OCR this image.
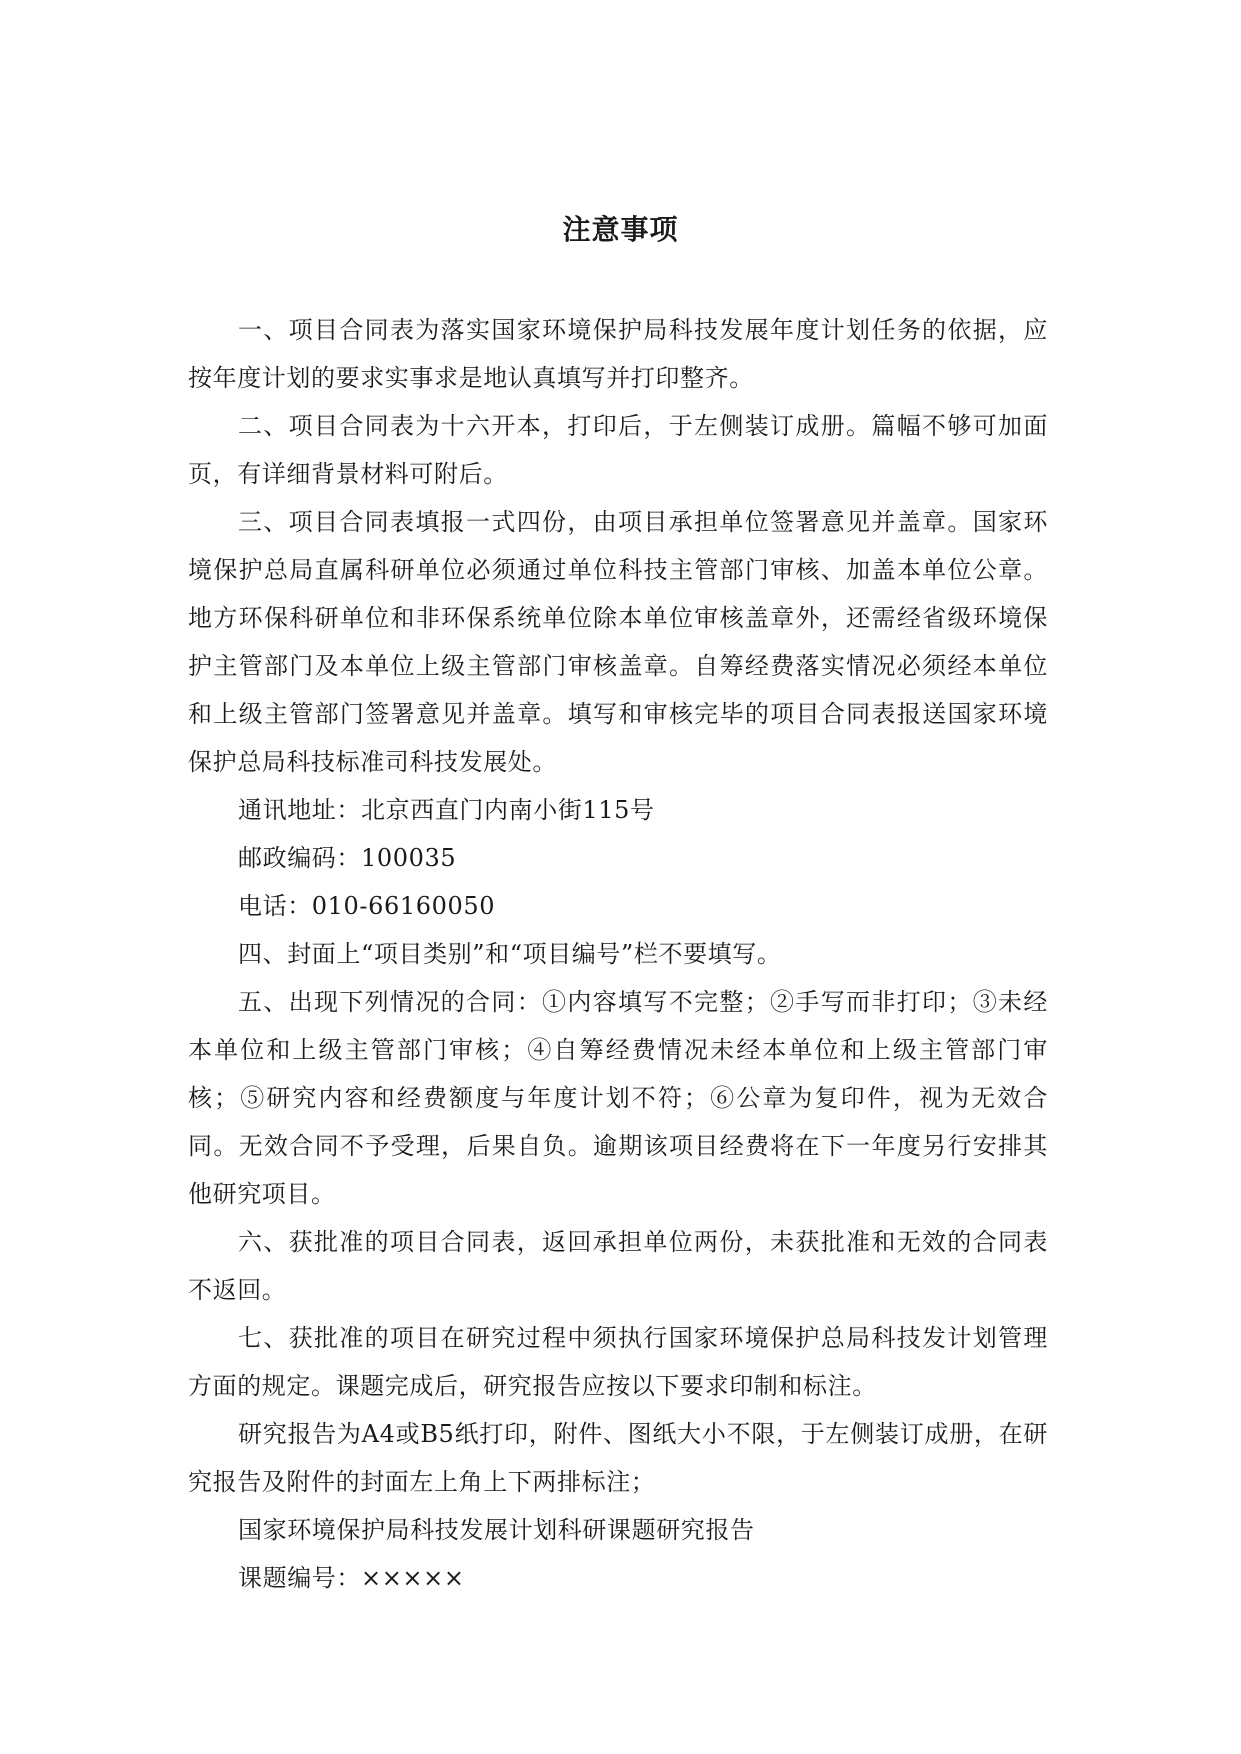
注意事项

一、项目合同表为落实国家环境保护局科技发展年度计划任务的依据，应按年度计划的要求实事求是地认真填写并打印整齐。

二、项目合同表为十六开本，打印后，于左侧装订成册。篇幅不够可加面页，有详细背景材料可附后。

三、项目合同表填报一式四份，由项目承担单位签署意见并盖章。国家环境保护总局直属科研单位必须通过单位科技主管部门审核、加盖本单位公章。地方环保科研单位和非环保系统单位除本单位审核盖章外，还需经省级环境保护主管部门及本单位上级主管部门审核盖章。自筹经费落实情况必须经本单位和上级主管部门签署意见并盖章。填写和审核完毕的项目合同表报送国家环境保护总局科技标准司科技发展处。

通讯地址：北京西直门内南小街115号

邮政编码：100035

电话：010-66160050

四、封面上“项目类别”和“项目编号”栏不要填写。

五、出现下列情况的合同：①内容填写不完整；②手写而非打印；③未经本单位和上级主管部门审核；④自筹经费情况未经本单位和上级主管部门审核；⑤研究内容和经费额度与年度计划不符；⑥公章为复印件，视为无效合同。无效合同不予受理，后果自负。逾期该项目经费将在下一年度另行安排其他研究项目。

六、获批准的项目合同表，返回承担单位两份，未获批准和无效的合同表不返回。

七、获批准的项目在研究过程中须执行国家环境保护总局科技发计划管理方面的规定。课题完成后，研究报告应按以下要求印制和标注。

研究报告为A4或B5纸打印，附件、图纸大小不限，于左侧装订成册，在研究报告及附件的封面左上角上下两排标注；

国家环境保护局科技发展计划科研课题研究报告

课题编号：×××××
